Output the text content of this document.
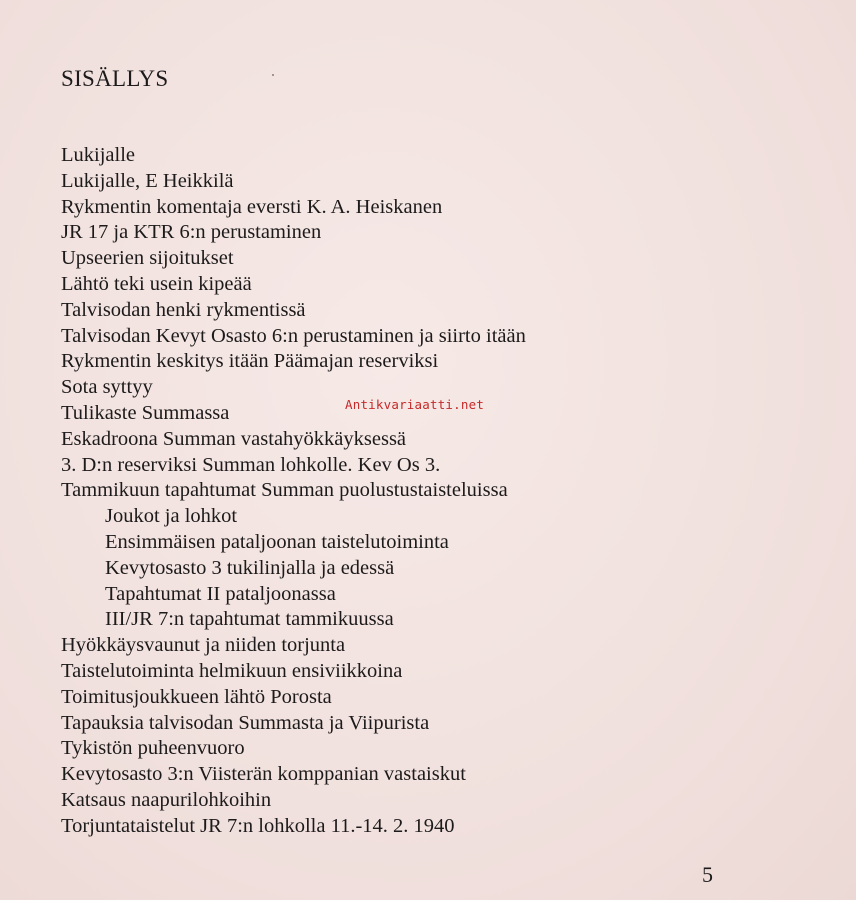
SISÄLLYS
Lukijalle
Lukijalle, E Heikkilä
Rykmentin komentaja eversti K. A. Heiskanen
JR 17 ja KTR 6:n perustaminen
Upseerien sijoitukset
Lähtö teki usein kipeää
Talvisodan henki rykmentissä
Talvisodan Kevyt Osasto 6:n perustaminen ja siirto itään
Rykmentin keskitys itään Päämajan reserviksi
Sota syttyy
Tulikaste Summassa
Eskadroona Summan vastahyökkäyksessä
3. D:n reserviksi Summan lohkolle. Kev Os 3.
Tammikuun tapahtumat Summan puolustustaisteluissa
Joukot ja lohkot
Ensimmäisen pataljoonan taistelutoiminta
Kevytosasto 3 tukilinjalla ja edessä
Tapahtumat II pataljoonassa
III/JR 7:n tapahtumat tammikuussa
Hyökkäysvaunut ja niiden torjunta
Taistelutoiminta helmikuun ensiviikkoina
Toimitusjoukkueen lähtö Porosta
Tapauksia talvisodan Summasta ja Viipurista
Tykistön puheenvuoro
Kevytosasto 3:n Viisterän komppanian vastaiskut
Katsaus naapurilohkoihin
Torjuntataistelut JR 7:n lohkolla 11.-14. 2. 1940
Antikvariaatti.net
5
